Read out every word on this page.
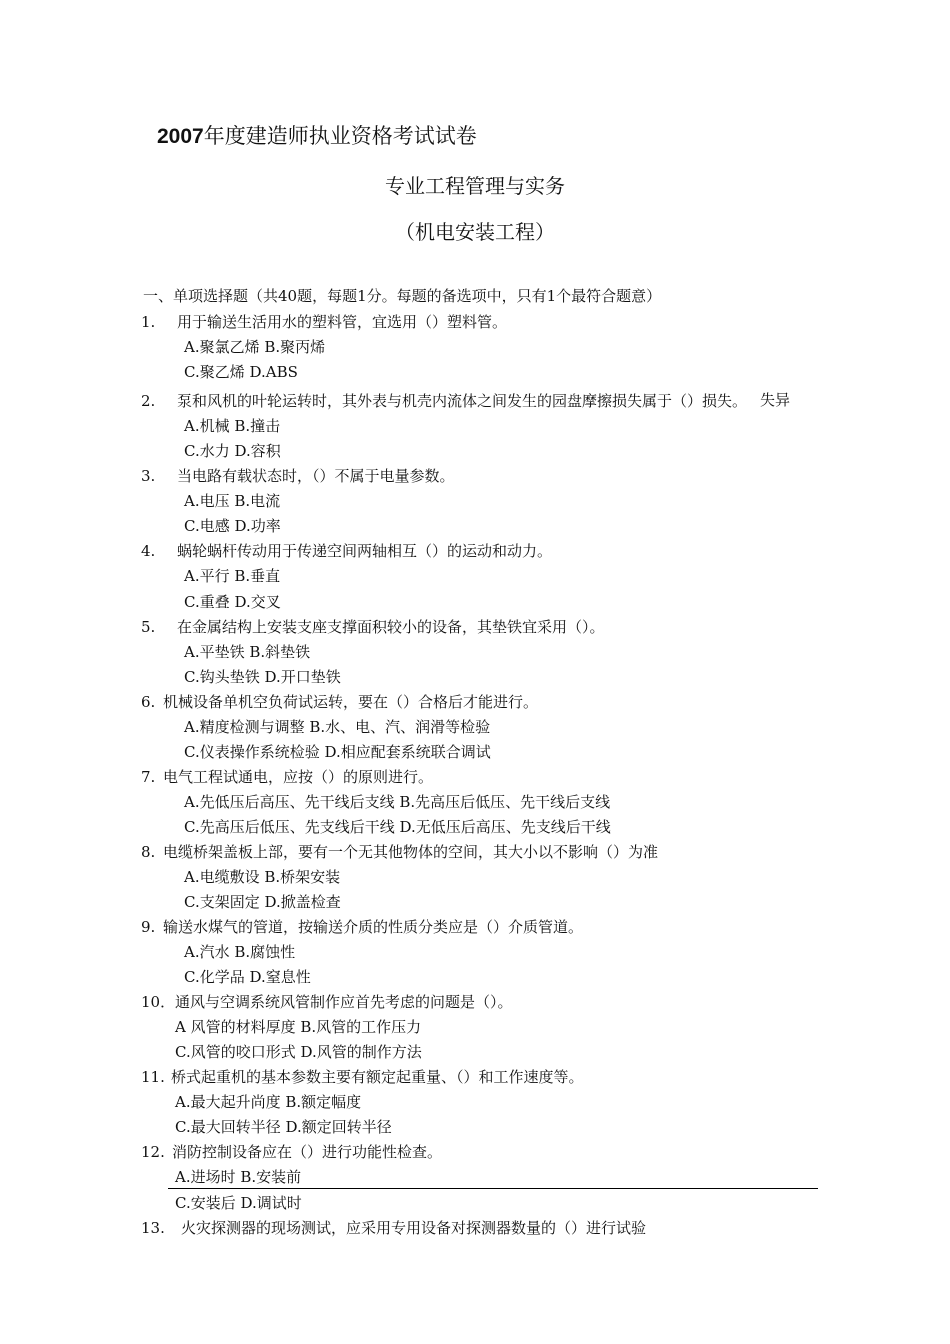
2007年度建造师执业资格考试试卷
专业工程管理与实务
（机电安装工程）
一、单项选择题（共40题，每题1分。每题的备选项中，只有1个最符合题意）
1. 用于输送生活用水的塑料管，宜选用（）塑料管。
A.聚氯乙烯 B.聚丙烯
C.聚乙烯 D.ABS
2. 泵和风机的叶轮运转时，其外表与机壳内流体之间发生的园盘摩擦损失属于（）损失。 失异
A.机械 B.撞击
C.水力 D.容积
3. 当电路有载状态时，（）不属于电量参数。
A.电压 B.电流
C.电感 D.功率
4. 蜗轮蜗杆传动用于传递空间两轴相互（）的运动和动力。
A.平行 B.垂直
C.重叠 D.交叉
5. 在金属结构上安装支座支撑面积较小的设备，其垫铁宜采用（）。
A.平垫铁 B.斜垫铁
C.钩头垫铁 D.开口垫铁
6. 机械设备单机空负荷试运转，要在（）合格后才能进行。
A.精度检测与调整 B.水、电、汽、润滑等检验
C.仪表操作系统检验 D.相应配套系统联合调试
7. 电气工程试通电，应按（）的原则进行。
A.先低压后高压、先干线后支线 B.先高压后低压、先干线后支线
C.先高压后低压、先支线后干线 D.无低压后高压、先支线后干线
8. 电缆桥架盖板上部，要有一个无其他物体的空间，其大小以不影响（）为准
A.电缆敷设 B.桥架安装
C.支架固定 D.掀盖检查
9. 输送水煤气的管道，按输送介质的性质分类应是（）介质管道。
A.汽水 B.腐蚀性
C.化学品 D.窒息性
10．通风与空调系统风管制作应首先考虑的问题是（）。
A 风管的材料厚度 B.风管的工作压力
C.风管的咬口形式 D.风管的制作方法
11. 桥式起重机的基本参数主要有额定起重量、（）和工作速度等。
A.最大起升尚度 B.额定幅度
C.最大回转半径 D.额定回转半径
12. 消防控制设备应在（）进行功能性检查。
A.进场时 B.安装前
C.安装后 D.调试时
13. 火灾探测器的现场测试，应采用专用设备对探测器数量的（）进行试验
